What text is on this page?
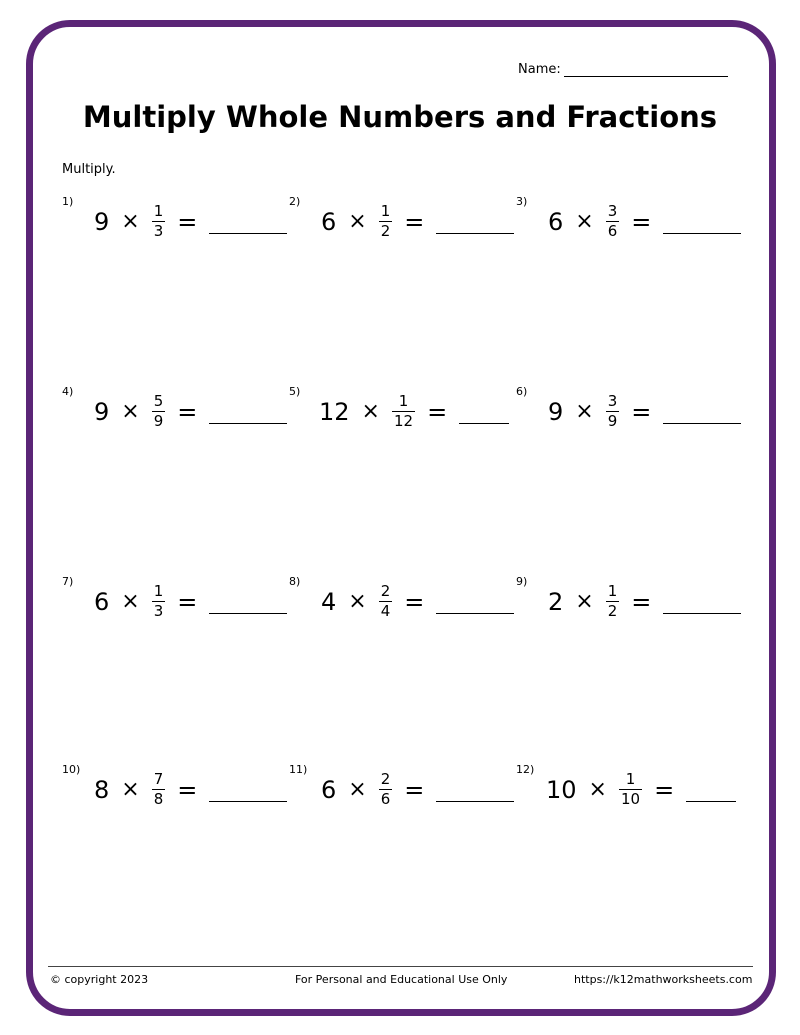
Name:
Multiply Whole Numbers and Fractions
Multiply.
1)
$9 \times \frac{1}{3}$ =
2)
$6 \times \frac{1}{2}$ =
3)
$6 \times \frac{3}{6}$ =
4)
$9 \times \frac{5}{9}$ =
5)
$12 \times \frac{1}{12}$ =
6)
$9 \times \frac{3}{9}$ =
7)
$6 \times \frac{1}{3}$ =
8)
$4 \times \frac{2}{4}$ =
9)
$2 \times \frac{1}{2}$ =
10)
$8 \times \frac{7}{8}$ =
11)
$6 \times \frac{2}{6}$ =
12)
$10 \times \frac{1}{10}$ =
© copyright 2023	For Personal and Educational Use Only	https://k12mathworksheets.com
